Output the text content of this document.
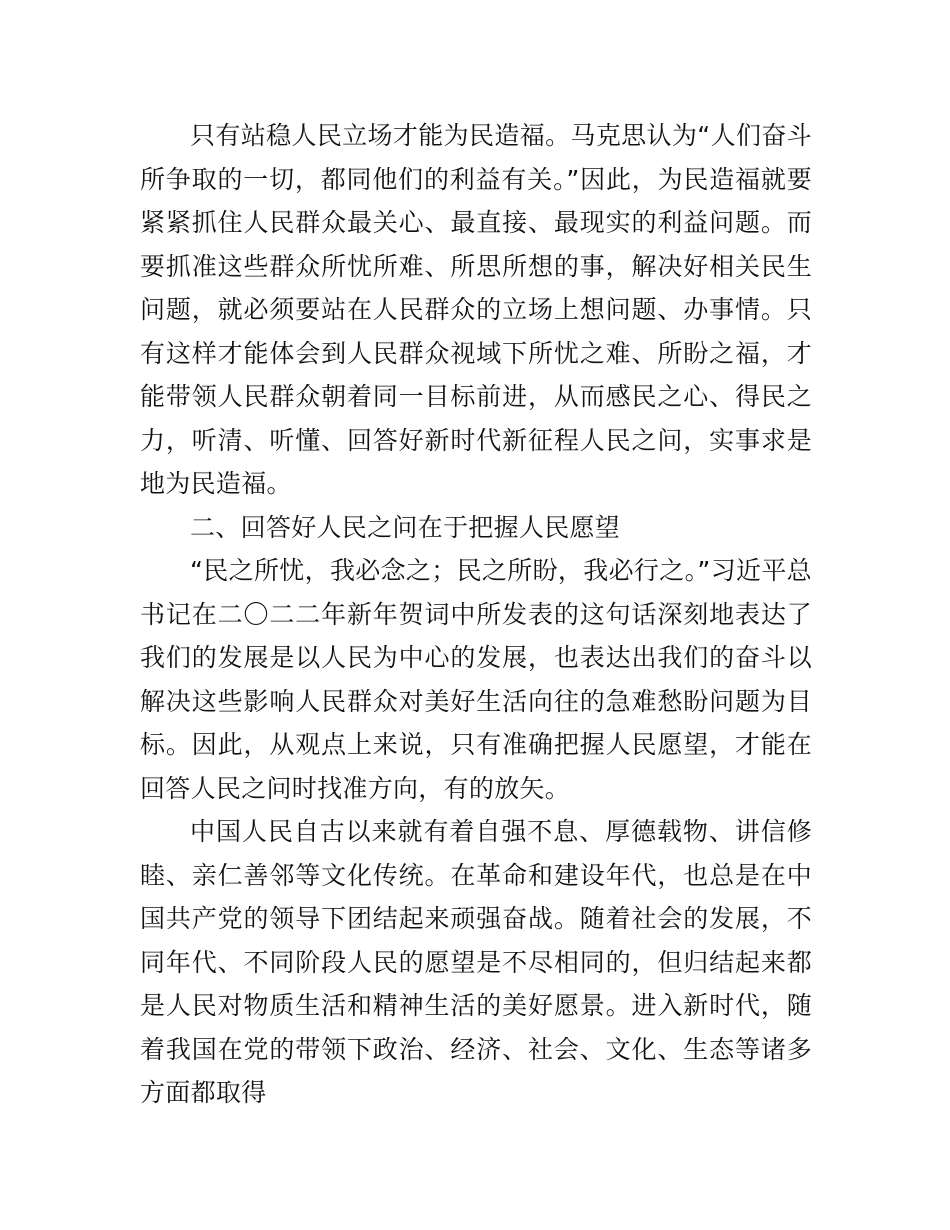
只有站稳人民立场才能为民造福。马克思认为“人们奋斗所争取的一切，都同他们的利益有关。”因此，为民造福就要紧紧抓住人民群众最关心、最直接、最现实的利益问题。而要抓准这些群众所忧所难、所思所想的事，解决好相关民生问题，就必须要站在人民群众的立场上想问题、办事情。只有这样才能体会到人民群众视域下所忧之难、所盼之福，才能带领人民群众朝着同一目标前进，从而感民之心、得民之力，听清、听懂、回答好新时代新征程人民之问，实事求是地为民造福。

二、回答好人民之问在于把握人民愿望

“民之所忧，我必念之；民之所盼，我必行之。”习近平总书记在二〇二二年新年贺词中所发表的这句话深刻地表达了我们的发展是以人民为中心的发展，也表达出我们的奋斗以解决这些影响人民群众对美好生活向往的急难愁盼问题为目标。因此，从观点上来说，只有准确把握人民愿望，才能在回答人民之问时找准方向，有的放矢。

中国人民自古以来就有着自强不息、厚德载物、讲信修睦、亲仁善邻等文化传统。在革命和建设年代，也总是在中国共产党的领导下团结起来顽强奋战。随着社会的发展，不同年代、不同阶段人民的愿望是不尽相同的，但归结起来都是人民对物质生活和精神生活的美好愿景。进入新时代，随着我国在党的带领下政治、经济、社会、文化、生态等诸多方面都取得
